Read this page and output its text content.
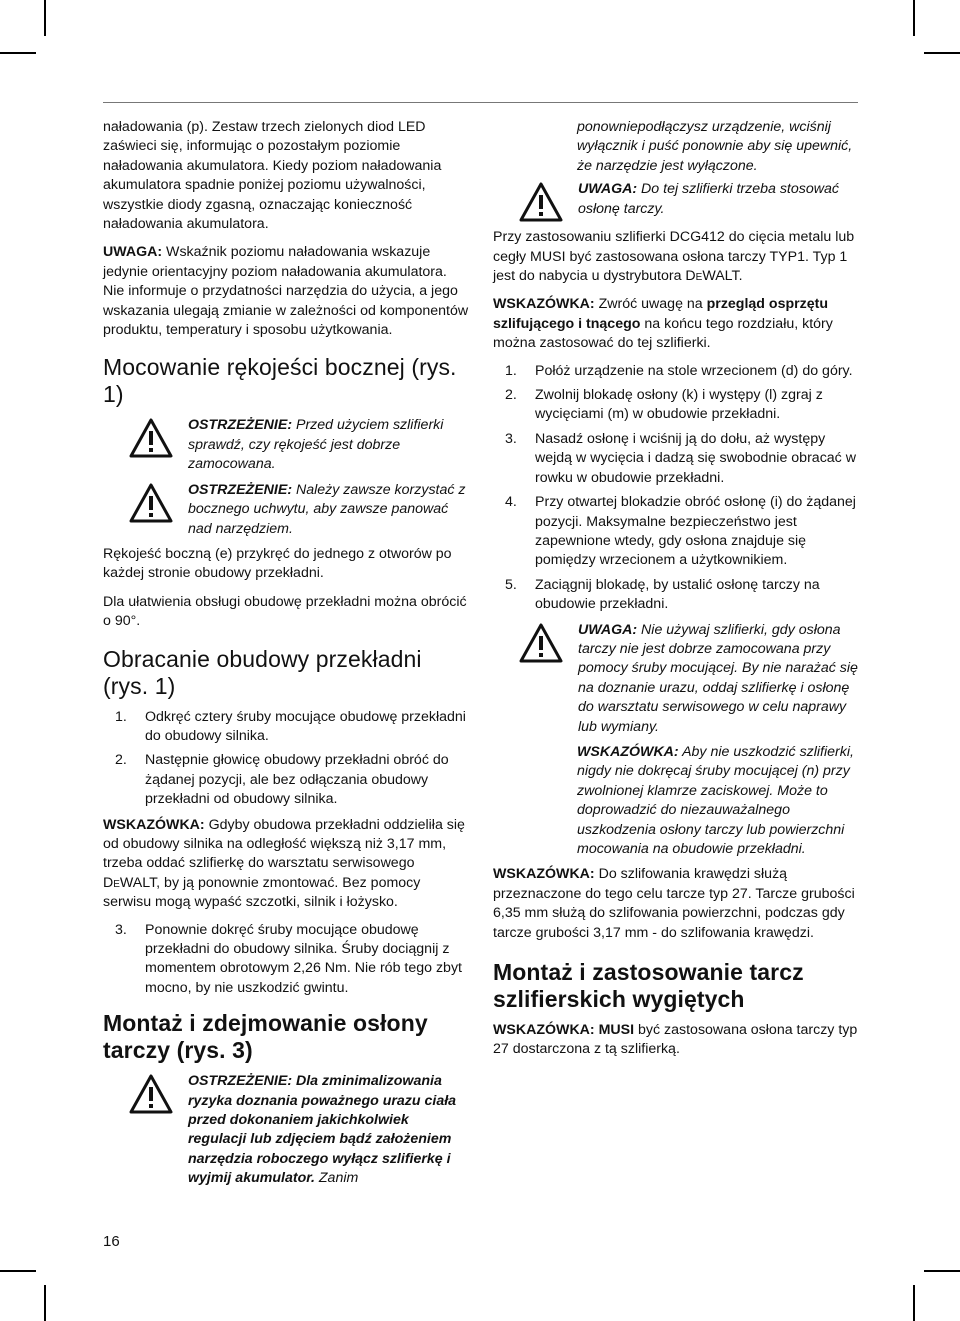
naładowania (p). Zestaw trzech zielonych diod LED zaświeci się, informując o pozostałym poziomie naładowania akumulatora. Kiedy poziom naładowania akumulatora spadnie poniżej poziomu używalności, wszystkie diody zgasną, oznaczając konieczność naładowania akumulatora.

UWAGA: Wskaźnik poziomu naładowania wskazuje jedynie orientacyjny poziom naładowania akumulatora. Nie informuje o przydatności narzędzia do użycia, a jego wskazania ulegają zmianie w zależności od komponentów produktu, temperatury i sposobu użytkowania.

Mocowanie rękojeści bocznej (rys. 1)
OSTRZEŻENIE: Przed użyciem szlifierki sprawdź, czy rękojeść jest dobrze zamocowana.
OSTRZEŻENIE: Należy zawsze korzystać z bocznego uchwytu, aby zawsze panować nad narzędziem.

Rękojeść boczną (e) przykręć do jednego z otworów po każdej stronie obudowy przekładni.

Dla ułatwienia obsługi obudowę przekładni można obrócić o 90°.

Obracanie obudowy przekładni (rys. 1)
1.	Odkręć cztery śruby mocujące obudowę przekładni do obudowy silnika.
2.	Następnie głowicę obudowy przekładni obróć do żądanej pozycji, ale bez odłączania obudowy przekładni od obudowy silnika.

WSKAZÓWKA: Gdyby obudowa przekładni oddzieliła się od obudowy silnika na odległość większą niż 3,17 mm, trzeba oddać szlifierkę do warsztatu serwisowego DeWALT, by ją ponownie zmontować. Bez pomocy serwisu mogą wypaść szczotki, silnik i łożysko.

3.	Ponownie dokręć śruby mocujące obudowę przekładni do obudowy silnika. Śruby dociągnij z momentem obrotowym 2,26 Nm. Nie rób tego zbyt mocno, by nie uszkodzić gwintu.
Montaż i zdejmowanie osłony tarczy (rys. 3)
OSTRZEŻENIE: Dla zminimalizowania ryzyka doznania poważnego urazu ciała przed dokonaniem jakichkolwiek regulacji lub zdjęciem bądź założeniem narzędzia roboczego wyłącz szlifierkę i wyjmij akumulator. Zanim
ponowniepodłączysz urządzenie, wciśnij wyłącznik i puść ponownie aby się upewnić, że narzędzie jest wyłączone.
UWAGA: Do tej szlifierki trzeba stosować osłonę tarczy.

Przy zastosowaniu szlifierki DCG412 do cięcia metalu lub cegły MUSI być zastosowana osłona tarczy TYP1. Typ 1 jest do nabycia u dystrybutora DeWALT.

WSKAZÓWKA: Zwróć uwagę na przegląd osprzętu szlifującego i tnącego na końcu tego rozdziału, który można zastosować do tej szlifierki.

1.	Połóż urządzenie na stole wrzecionem (d) do góry.
2.	Zwolnij blokadę osłony (k) i występy (l) zgraj z wycięciami (m) w obudowie przekładni.
3.	Nasadź osłonę i wciśnij ją do dołu, aż występy wejdą w wycięcia i dadzą się swobodnie obracać w rowku w obudowie przekładni.
4.	Przy otwartej blokadzie obróć osłonę (i) do żądanej pozycji. Maksymalne bezpieczeństwo jest zapewnione wtedy, gdy osłona znajduje się pomiędzy wrzecionem a użytkownikiem.
5.	Zaciągnij blokadę, by ustalić osłonę tarczy na obudowie przekładni.
UWAGA: Nie używaj szlifierki, gdy osłona tarczy nie jest dobrze zamocowana przy pomocy śruby mocującej. By nie narażać się na doznanie urazu, oddaj szlifierkę i osłonę do warsztatu serwisowego w celu naprawy lub wymiany.
WSKAZÓWKA: Aby nie uszkodzić szlifierki, nigdy nie dokręcaj śruby mocującej (n) przy zwolnionej klamrze zaciskowej. Może to doprowadzić do niezauważalnego uszkodzenia osłony tarczy lub powierzchni mocowania na obudowie przekładni.

WSKAZÓWKA: Do szlifowania krawędzi służą przeznaczone do tego celu tarcze typ 27. Tarcze grubości 6,35 mm służą do szlifowania powierzchni, podczas gdy tarcze grubości 3,17 mm - do szlifowania krawędzi.

Montaż i zastosowanie tarcz szlifierskich wygiętych

WSKAZÓWKA: MUSI być zastosowana osłona tarczy typ 27 dostarczona z tą szlifierką.

16
